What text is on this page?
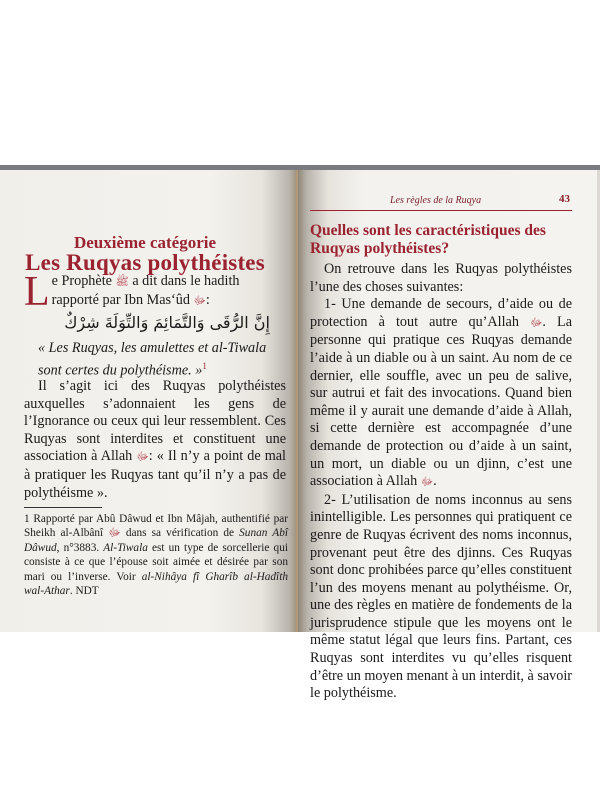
Deuxième catégorie
Les Ruqyas polythéistes
Le Prophète ﷺ a dit dans le hadith rapporté par Ibn Mas‘ûd ﷻ:
إِنَّ الرُّقَى وَالتَّمَائِمَ وَالتِّوَلَةَ شِرْكٌ
« Les Ruqyas, les amulettes et al-Tiwala sont certes du polythéisme. »$^1$
Il s’agit ici des Ruqyas polythéistes auxquelles s’adonnaient les gens de l’Ignorance ou ceux qui leur ressemblent. Ces Ruqyas sont interdites et constituent une association à Allah ﷻ: « Il n’y a point de mal à pratiquer les Ruqyas tant qu’il n’y a pas de polythéisme ».
1 Rapporté par Abû Dâwud et Ibn Mâjah, authentifié par Sheikh al-Albânî ﷻ dans sa vérification de Sunan Abî Dâwud, n°3883. Al-Tiwala est un type de sorcellerie qui consiste à ce que l’épouse soit aimée et désirée par son mari ou l’inverse. Voir al-Nihâya fî Gharîb al-Hadîth wal-Athar. NDT
Les règles de la Ruqya	43
Quelles sont les caractéristiques des Ruqyas polythéistes?

On retrouve dans les Ruqyas polythéistes l’une des choses suivantes:

1- Une demande de secours, d’aide ou de protection à tout autre qu’Allah ﷻ. La personne qui pratique ces Ruqyas demande l’aide à un diable ou à un saint. Au nom de ce dernier, elle souffle, avec un peu de salive, sur autrui et fait des invocations. Quand bien même il y aurait une demande d’aide à Allah, si cette dernière est accompagnée d’une demande de protection ou d’aide à un saint, un mort, un diable ou un djinn, c’est une association à Allah ﷻ.

2- L’utilisation de noms inconnus au sens inintelligible. Les personnes qui pratiquent ce genre de Ruqyas écrivent des noms inconnus, provenant peut être des djinns. Ces Ruqyas sont donc prohibées parce qu’elles constituent l’un des moyens menant au polythéisme. Or, une des règles en matière de fondements de la jurisprudence stipule que les moyens ont le même statut légal que leurs fins. Partant, ces Ruqyas sont interdites vu qu’elles risquent d’être un moyen menant à un interdit, à savoir le polythéisme.
